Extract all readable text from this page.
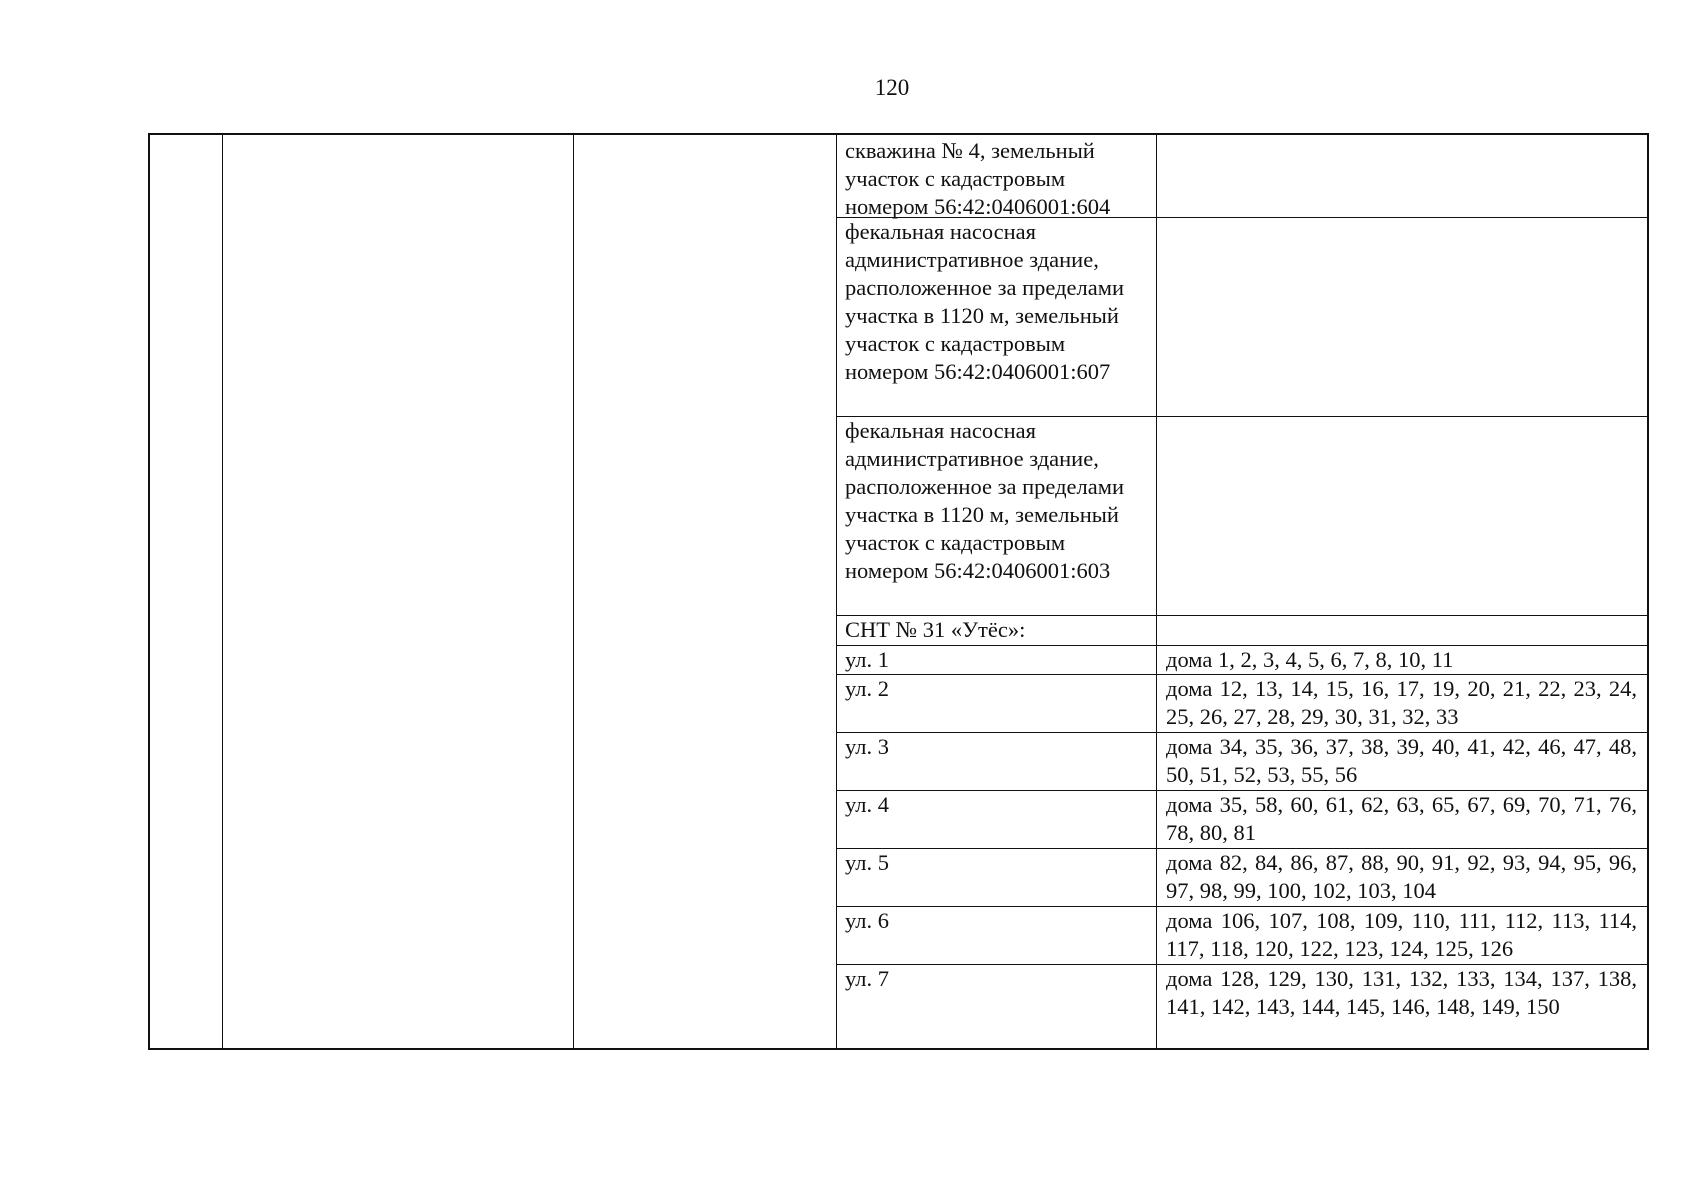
120
скважина № 4, земельный участок с кадастровым номером 56:42:0406001:604
фекальная насосная административное здание, расположенное за пределами участка в 1120 м, земельный участок с кадастровым номером 56:42:0406001:607
фекальная насосная административное здание, расположенное за пределами участка в 1120 м, земельный участок с кадастровым номером 56:42:0406001:603
СНТ № 31 «Утёс»:
ул. 1	дома 1, 2, 3, 4, 5, 6, 7, 8, 10, 11
ул. 2	дома 12, 13, 14, 15, 16, 17, 19, 20, 21, 22, 23, 24, 25, 26, 27, 28, 29, 30, 31, 32, 33
ул. 3	дома 34, 35, 36, 37, 38, 39, 40, 41, 42, 46, 47, 48, 50, 51, 52, 53, 55, 56
ул. 4	дома 35, 58, 60, 61, 62, 63, 65, 67, 69, 70, 71, 76, 78, 80, 81
ул. 5	дома 82, 84, 86, 87, 88, 90, 91, 92, 93, 94, 95, 96, 97, 98, 99, 100, 102, 103, 104
ул. 6	дома 106, 107, 108, 109, 110, 111, 112, 113, 114, 117, 118, 120, 122, 123, 124, 125, 126
ул. 7	дома 128, 129, 130, 131, 132, 133, 134, 137, 138, 141, 142, 143, 144, 145, 146, 148, 149, 150
